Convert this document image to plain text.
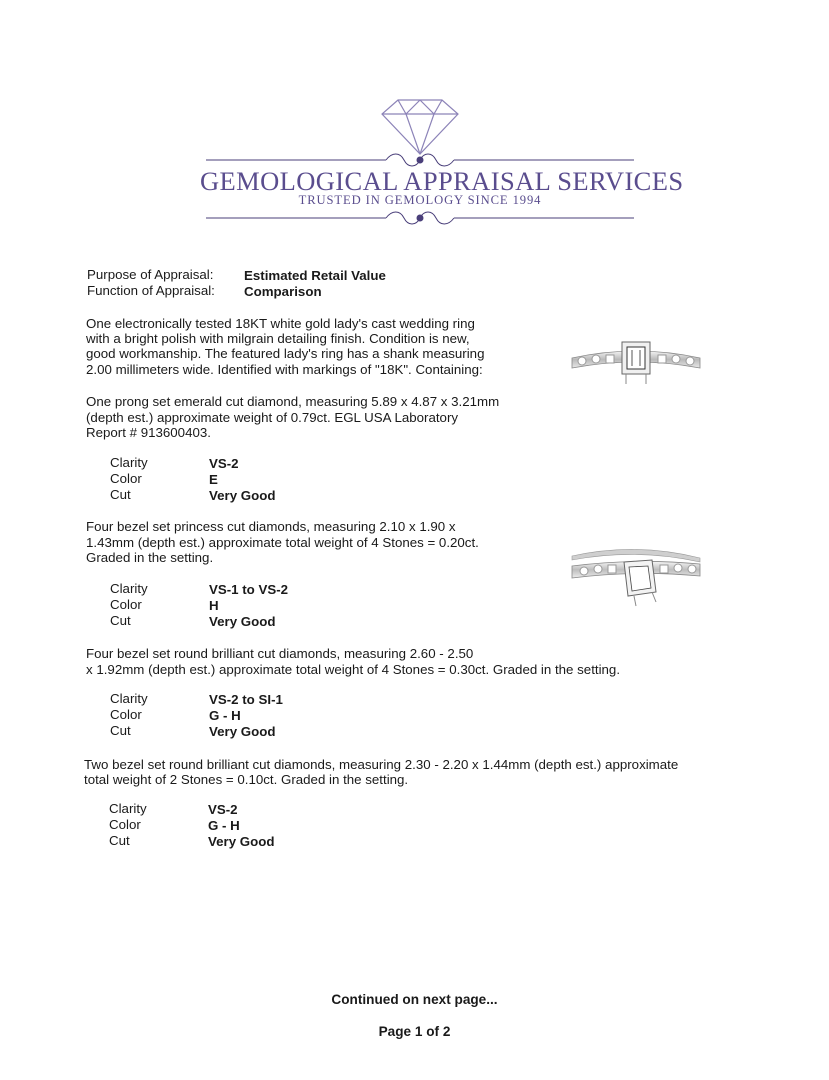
GEMOLOGICAL APPRAISAL SERVICES
TRUSTED IN GEMOLOGY SINCE 1994
Purpose of Appraisal: Estimated Retail Value
Function of Appraisal: Comparison
One electronically tested 18KT white gold lady's cast wedding ring
with a bright polish with milgrain detailing finish. Condition is new,
good workmanship. The featured lady's ring has a shank measuring
2.00 millimeters wide. Identified with markings of "18K". Containing:
One prong set emerald cut diamond, measuring 5.89 x 4.87 x 3.21mm
(depth est.) approximate weight of 0.79ct. EGL USA Laboratory
Report # 913600403.
Clarity	VS-2
Color	E
Cut	Very Good
Four bezel set princess cut diamonds, measuring 2.10 x 1.90 x
1.43mm (depth est.) approximate total weight of 4 Stones = 0.20ct.
Graded in the setting.
Clarity	VS-1 to VS-2
Color	H
Cut	Very Good
Four bezel set round brilliant cut diamonds, measuring 2.60 - 2.50
x 1.92mm (depth est.) approximate total weight of 4 Stones = 0.30ct. Graded in the setting.
Clarity	VS-2 to SI-1
Color	G - H
Cut	Very Good
Two bezel set round brilliant cut diamonds, measuring 2.30 - 2.20 x 1.44mm (depth est.) approximate
total weight of 2 Stones = 0.10ct. Graded in the setting.
Clarity	VS-2
Color	G - H
Cut	Very Good
Continued on next page...
Page 1 of 2
